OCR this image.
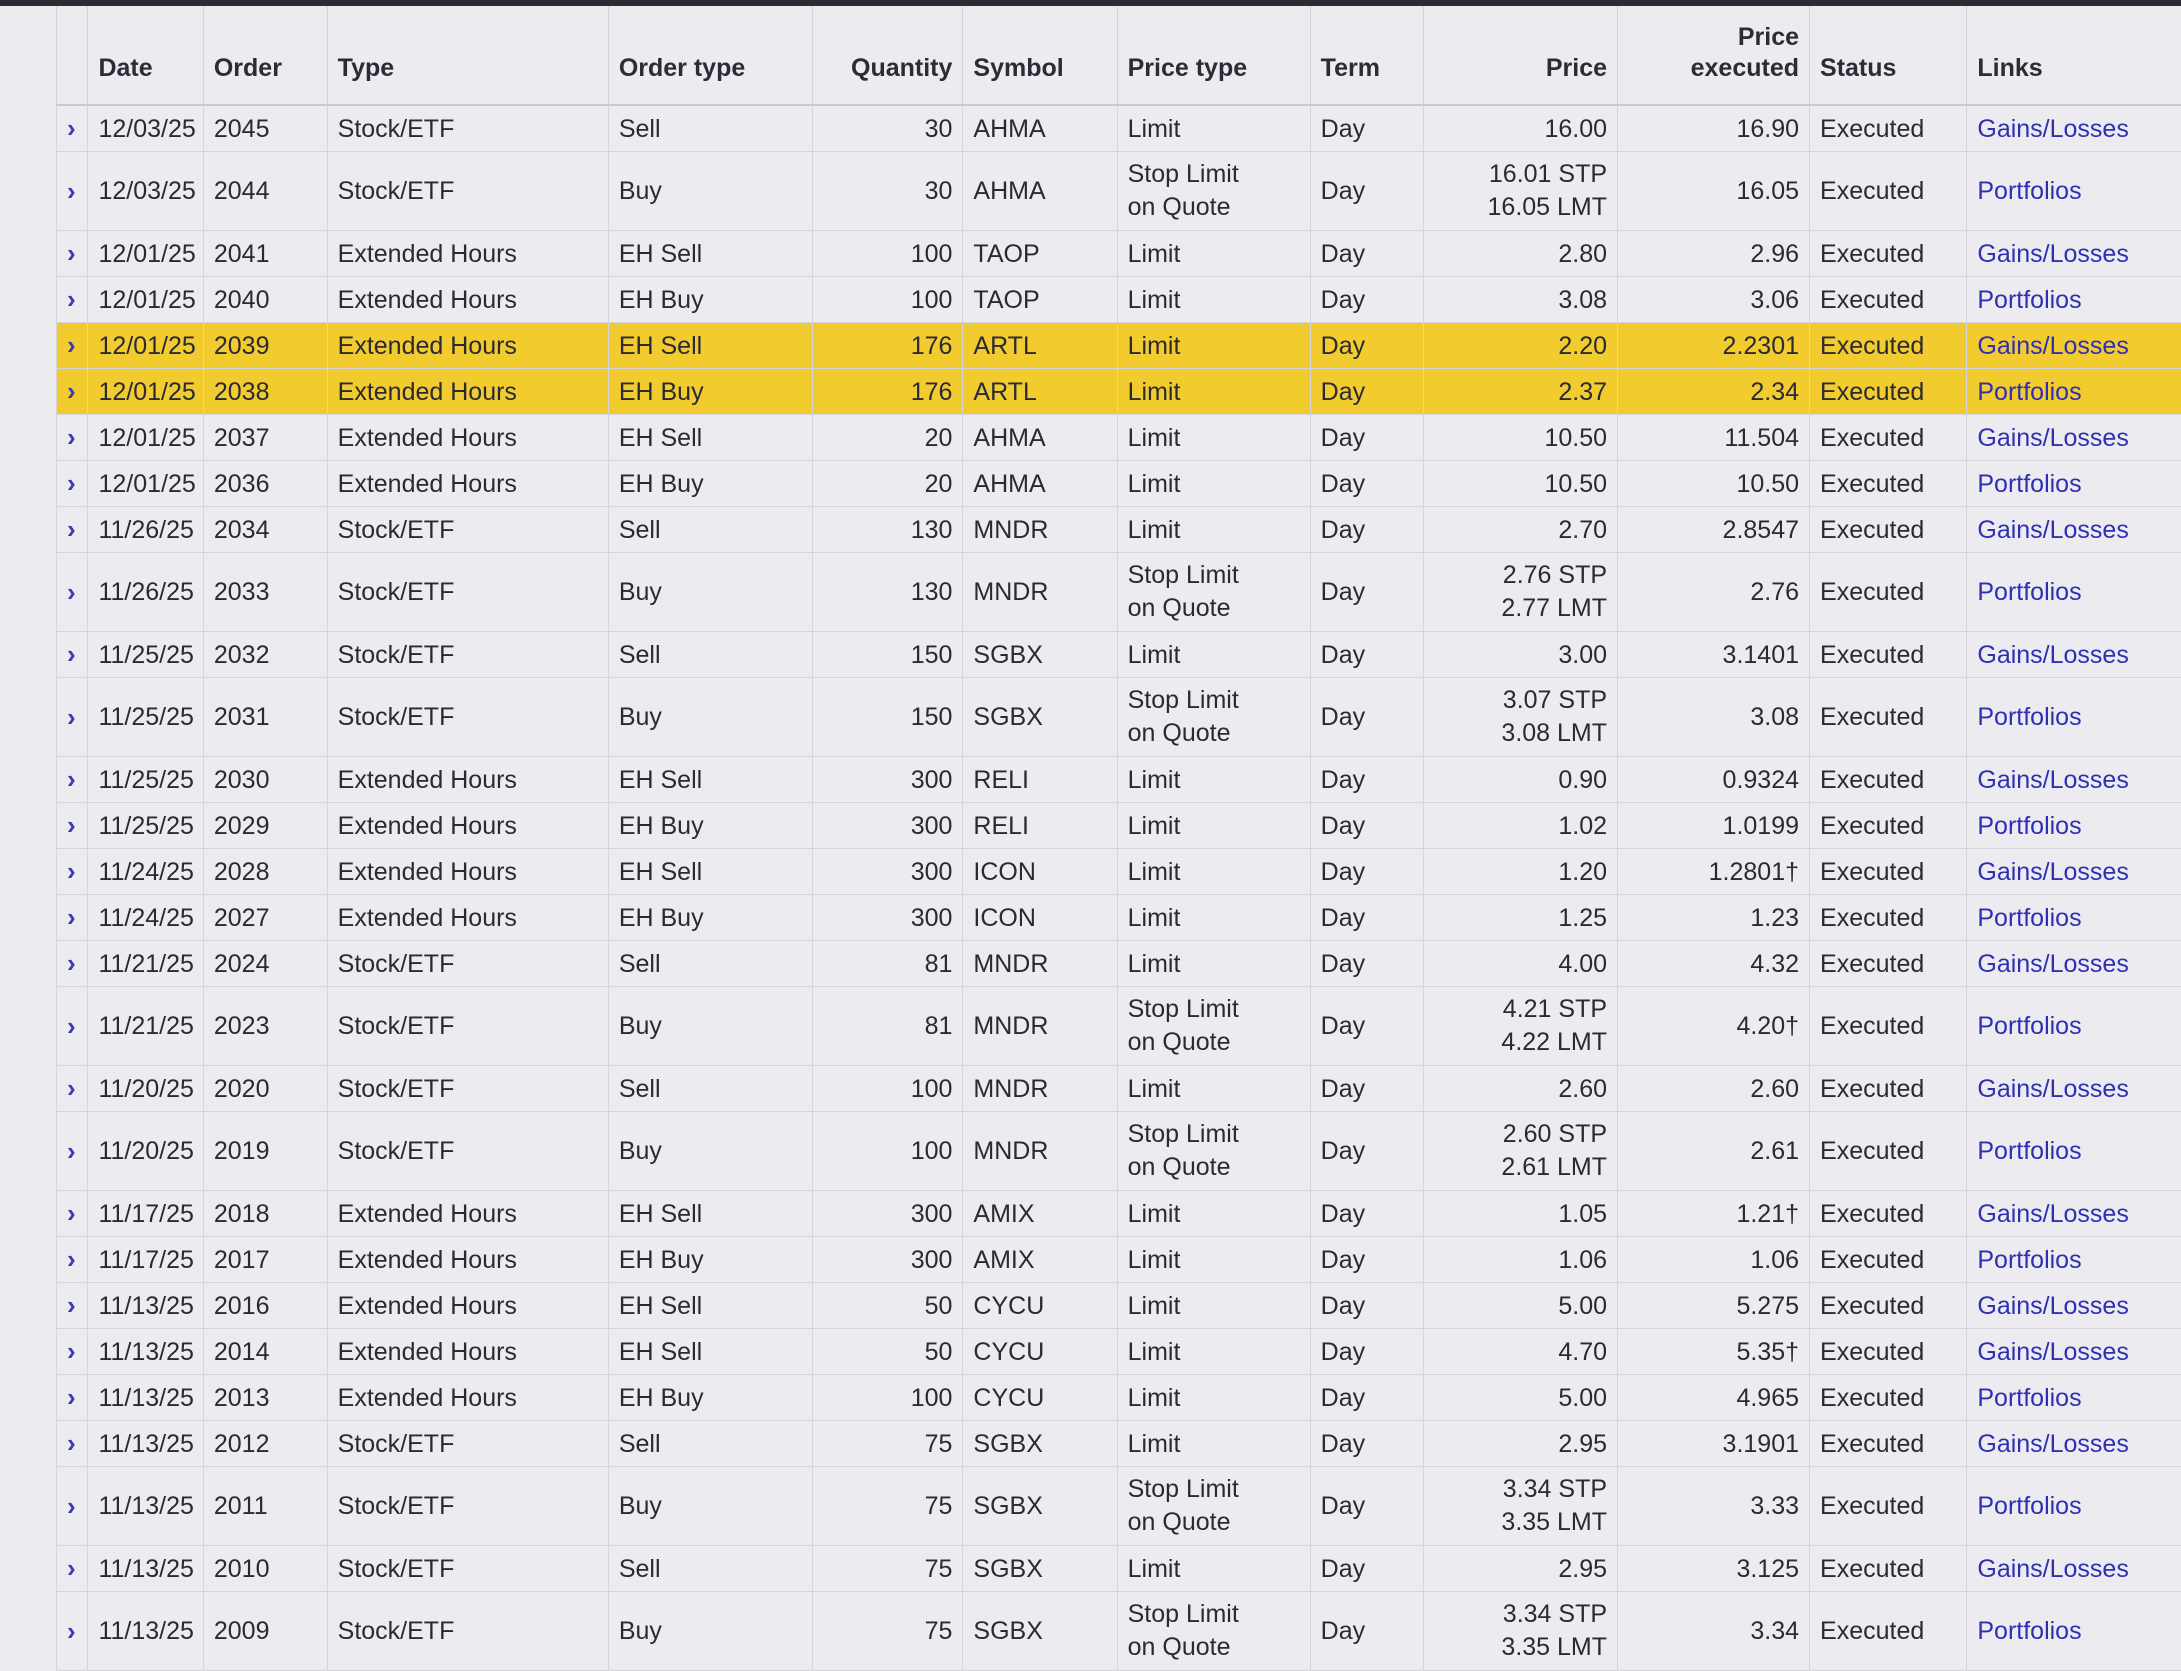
	Date	Order	Type	Order type	Quantity	Symbol	Price type	Term	Price	Price
executed	Status	Links
›	12/03/25	2045	Stock/ETF	Sell	30	AHMA	Limit	Day	16.00	16.90	Executed	Gains/Losses
›	12/03/25	2044	Stock/ETF	Buy	30	AHMA	Stop Limit
on Quote	Day	16.01 STP
16.05 LMT	16.05	Executed	Portfolios
›	12/01/25	2041	Extended Hours	EH Sell	100	TAOP	Limit	Day	2.80	2.96	Executed	Gains/Losses
›	12/01/25	2040	Extended Hours	EH Buy	100	TAOP	Limit	Day	3.08	3.06	Executed	Portfolios
›	12/01/25	2039	Extended Hours	EH Sell	176	ARTL	Limit	Day	2.20	2.2301	Executed	Gains/Losses
›	12/01/25	2038	Extended Hours	EH Buy	176	ARTL	Limit	Day	2.37	2.34	Executed	Portfolios
›	12/01/25	2037	Extended Hours	EH Sell	20	AHMA	Limit	Day	10.50	11.504	Executed	Gains/Losses
›	12/01/25	2036	Extended Hours	EH Buy	20	AHMA	Limit	Day	10.50	10.50	Executed	Portfolios
›	11/26/25	2034	Stock/ETF	Sell	130	MNDR	Limit	Day	2.70	2.8547	Executed	Gains/Losses
›	11/26/25	2033	Stock/ETF	Buy	130	MNDR	Stop Limit
on Quote	Day	2.76 STP
2.77 LMT	2.76	Executed	Portfolios
›	11/25/25	2032	Stock/ETF	Sell	150	SGBX	Limit	Day	3.00	3.1401	Executed	Gains/Losses
›	11/25/25	2031	Stock/ETF	Buy	150	SGBX	Stop Limit
on Quote	Day	3.07 STP
3.08 LMT	3.08	Executed	Portfolios
›	11/25/25	2030	Extended Hours	EH Sell	300	RELI	Limit	Day	0.90	0.9324	Executed	Gains/Losses
›	11/25/25	2029	Extended Hours	EH Buy	300	RELI	Limit	Day	1.02	1.0199	Executed	Portfolios
›	11/24/25	2028	Extended Hours	EH Sell	300	ICON	Limit	Day	1.20	1.2801†	Executed	Gains/Losses
›	11/24/25	2027	Extended Hours	EH Buy	300	ICON	Limit	Day	1.25	1.23	Executed	Portfolios
›	11/21/25	2024	Stock/ETF	Sell	81	MNDR	Limit	Day	4.00	4.32	Executed	Gains/Losses
›	11/21/25	2023	Stock/ETF	Buy	81	MNDR	Stop Limit
on Quote	Day	4.21 STP
4.22 LMT	4.20†	Executed	Portfolios
›	11/20/25	2020	Stock/ETF	Sell	100	MNDR	Limit	Day	2.60	2.60	Executed	Gains/Losses
›	11/20/25	2019	Stock/ETF	Buy	100	MNDR	Stop Limit
on Quote	Day	2.60 STP
2.61 LMT	2.61	Executed	Portfolios
›	11/17/25	2018	Extended Hours	EH Sell	300	AMIX	Limit	Day	1.05	1.21†	Executed	Gains/Losses
›	11/17/25	2017	Extended Hours	EH Buy	300	AMIX	Limit	Day	1.06	1.06	Executed	Portfolios
›	11/13/25	2016	Extended Hours	EH Sell	50	CYCU	Limit	Day	5.00	5.275	Executed	Gains/Losses
›	11/13/25	2014	Extended Hours	EH Sell	50	CYCU	Limit	Day	4.70	5.35†	Executed	Gains/Losses
›	11/13/25	2013	Extended Hours	EH Buy	100	CYCU	Limit	Day	5.00	4.965	Executed	Portfolios
›	11/13/25	2012	Stock/ETF	Sell	75	SGBX	Limit	Day	2.95	3.1901	Executed	Gains/Losses
›	11/13/25	2011	Stock/ETF	Buy	75	SGBX	Stop Limit
on Quote	Day	3.34 STP
3.35 LMT	3.33	Executed	Portfolios
›	11/13/25	2010	Stock/ETF	Sell	75	SGBX	Limit	Day	2.95	3.125	Executed	Gains/Losses
›	11/13/25	2009	Stock/ETF	Buy	75	SGBX	Stop Limit
on Quote	Day	3.34 STP
3.35 LMT	3.34	Executed	Portfolios
